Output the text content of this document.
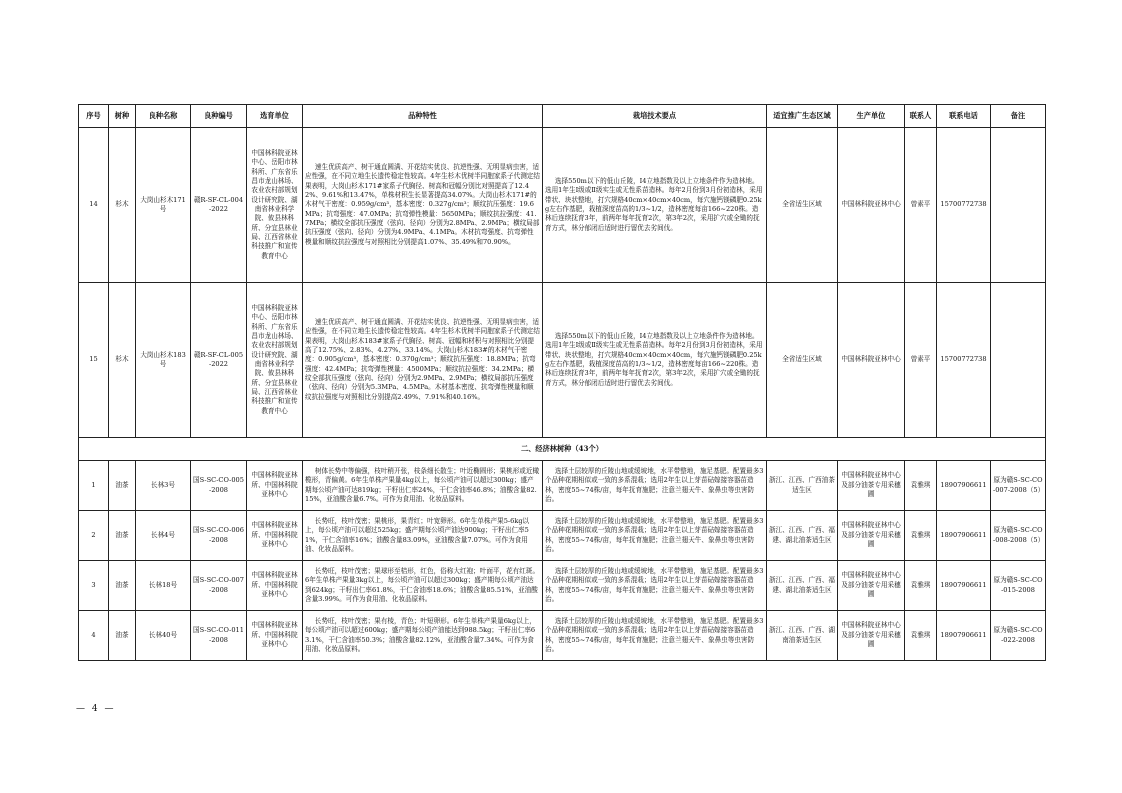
序号	树种	良种名称	良种编号	选育单位	品种特性	栽培技术要点	适宜推广生态区域	生产单位	联系人	联系电话	备注
14	杉木	大岗山杉木171号	赣R-SF-CL-004-2022	中国林科院亚林中心、岳阳市林科所、广东省乐昌市龙山林场、农业农村部规划设计研究院、湖南省林业科学院、攸县林科所、分宜县林业局、江西省林业科技推广和宣传教育中心	速生优质高产、树干通直圆满、开花结实优良、抗逆性强、无明显病虫害，适应性强，在不同立地生长遗传稳定性较高。4年生杉木优树半同胞家系子代测定结果表明，大岗山杉木171#家系子代胸径、树高和冠幅分别比对照提高了12.42%、9.61%和13.47%，单株材积生长显著提高34.07%。大岗山杉木171#的木材气干密度：0.959g/cm³，基本密度：0.327g/cm³；顺纹抗压强度：19.6MPa；抗弯强度：47.0MPa；抗弯弹性模量：5650MPa；顺纹抗拉强度：41.7MPa；横纹全部抗压强度（弦向、径向）分别为2.8MPa、2.9MPa；横纹局部抗压强度（弦向、径向）分别为4.9MPa、4.1MPa。木材抗弯强度、抗弯弹性模量和顺纹抗拉强度与对照相比分别提高1.07%、35.49%和70.90%。	选择550m以下的低山丘陵，I4立地指数及以上立地条件作为造林地。选用1年生Ⅰ级或Ⅱ级实生或无性系苗造林。每年2月份到3月份初造林，采用带状、块状整地，打穴规格40cm×40cm×40cm，每穴施钙镁磷肥0.25kg左右作基肥，栽植深度苗高的1/3~1/2，造林密度每亩166~220株。造林后连续抚育3年，前两年每年抚育2次，第3年2次，采用扩穴或全锄的抚育方式，林分郁闭后适时进行留优去劣间伐。	全省适生区域	中国林科院亚林中心	曾素平	15700772738	
15	杉木	大岗山杉木183号	赣R-SF-CL-005-2022	中国林科院亚林中心、岳阳市林科所、广东省乐昌市龙山林场、农业农村部规划设计研究院、湖南省林业科学院、攸县林科所、分宜县林业局、江西省林业科技推广和宣传教育中心	速生优质高产、树干通直圆满、开花结实优良、抗逆性强、无明显病虫害，适应性强，在不同立地生长遗传稳定性较高。4年生杉木优树半同胞家系子代测定结果表明，大岗山杉木183#家系子代胸径、树高、冠幅和材积与对照相比分别提高了12.75%、2.83%、4.27%、33.14%。大岗山杉木183#的木材气干密度：0.905g/cm³，基本密度：0.370g/cm³；顺纹抗压强度：18.8MPa；抗弯强度：42.4MPa；抗弯弹性模量：4500MPa；顺纹抗拉强度：34.2MPa；横纹全部抗压强度（弦向、径向）分别为2.9MPa、2.9MPa；横纹局部抗压强度（弦向、径向）分别为5.3MPa、4.5MPa。木材基本密度、抗弯弹性模量和顺纹抗拉强度与对照相比分别提高2.49%、7.91%和40.16%。	选择550m以下的低山丘陵，I4立地指数及以上立地条件作为造林地。选用1年生Ⅰ级或Ⅱ级实生或无性系苗造林。每年2月份到3月份初造林，采用带状、块状整地，打穴规格40cm×40cm×40cm，每穴施钙镁磷肥0.25kg左右作基肥，栽植深度苗高的1/3~1/2，造林密度每亩166~220株。造林后连续抚育3年，前两年每年抚育2次，第3年2次，采用扩穴或全锄的抚育方式，林分郁闭后适时进行留优去劣间伐。	全省适生区域	中国林科院亚林中心	曾素平	15700772738	
二、经济林树种（43个）											
1	油茶	长林3号	国S-SC-CO-005-2008	中国林科院亚林所、中国林科院亚林中心	树体长势中等偏强，枝叶稍开张，枝条细长散生；叶近椭圆形；果桃形或近橄榄形，青偏黄。6年生单株产果量4kg以上，每公顷产油可以超过300kg；盛产期每公顷产油可达819kg；干籽出仁率24%，干仁含油率46.8%；油酸含量82.15%，亚油酸含量6.7%。可作为食用油、化妆品原料。	选择土层较厚的丘陵山地或缓坡地，水平带整地，施足基肥。配置最多3个品种花期相似或一致的多系混栽；选用2年生以上芽苗砧嫁接容器苗造林，密度55~74株/亩，每年抚育施肥；注意兰翅天牛、象鼻虫等虫害防治。	浙江、江西、广西油茶适生区	中国林科院亚林中心及部分油茶专用采穗圃	袁雅琪	18907906611	原为赣S-SC-CO-007-2008（5）
2	油茶	长林4号	国S-SC-CO-006-2008	中国林科院亚林所、中国林科院亚林中心	长势旺，枝叶茂密；果桃形，果青红；叶宽卵形。6年生单株产果5-6kg以上，每公顷产油可以超过525kg；盛产期每公顷产油达900kg；干籽出仁率51%，干仁含油率16%；油酸含量83.09%，亚油酸含量7.07%。可作为食用油、化妆品原料。	选择土层较厚的丘陵山地或缓坡地，水平带整地，施足基肥。配置最多3个品种花期相似或一致的多系混栽；选用2年生以上芽苗砧嫁接容器苗造林，密度55~74株/亩，每年抚育施肥；注意兰翅天牛、象鼻虫等虫害防治。	浙江、江西、广西、福建、湖北油茶适生区	中国林科院亚林中心及部分油茶专用采穗圃	袁雅琪	18907906611	原为赣S-SC-CO-008-2008（5）
3	油茶	长林18号	国S-SC-CO-007-2008	中国林科院亚林所、中国林科院亚林中心	长势旺，枝叶茂密；果球形至桔形，红色，俗称大红袍；叶面平，花有红斑。6年生单株产果量3kg以上，每公顷产油可以超过300kg；盛产期每公顷产油达到624kg；干籽出仁率61.8%，干仁含油率18.6%；油酸含量85.51%，亚油酸含量3.99%。可作为食用油、化妆品原料。	选择土层较厚的丘陵山地或缓坡地，水平带整地，施足基肥。配置最多3个品种花期相似或一致的多系混栽；选用2年生以上芽苗砧嫁接容器苗造林，密度55~74株/亩，每年抚育施肥；注意兰翅天牛、象鼻虫等虫害防治。	浙江、江西、广西、福建、湖北油茶适生区	中国林科院亚林中心及部分油茶专用采穗圃	袁雅琪	18907906611	原为赣S-SC-CO-015-2008
4	油茶	长林40号	国S-SC-CO-011-2008	中国林科院亚林所、中国林科院亚林中心	长势旺，枝叶茂密；果有棱，青色；叶短卵形。6年生单株产果量6kg以上，每公顷产油可以超过600kg；盛产期每公顷产油能达到988.5kg；干籽出仁率63.1%，干仁含油率50.3%；油酸含量82.12%，亚油酸含量7.34%。可作为食用油、化妆品原料。	选择土层较厚的丘陵山地或缓坡地，水平带整地，施足基肥。配置最多3个品种花期相似或一致的多系混栽；选用2年生以上芽苗砧嫁接容器苗造林，密度55~74株/亩，每年抚育施肥；注意兰翅天牛、象鼻虫等虫害防治。	浙江、江西、广西、湖南油茶适生区	中国林科院亚林中心及部分油茶专用采穗圃	袁雅琪	18907906611	原为赣S-SC-CO-022-2008
— 4 —
